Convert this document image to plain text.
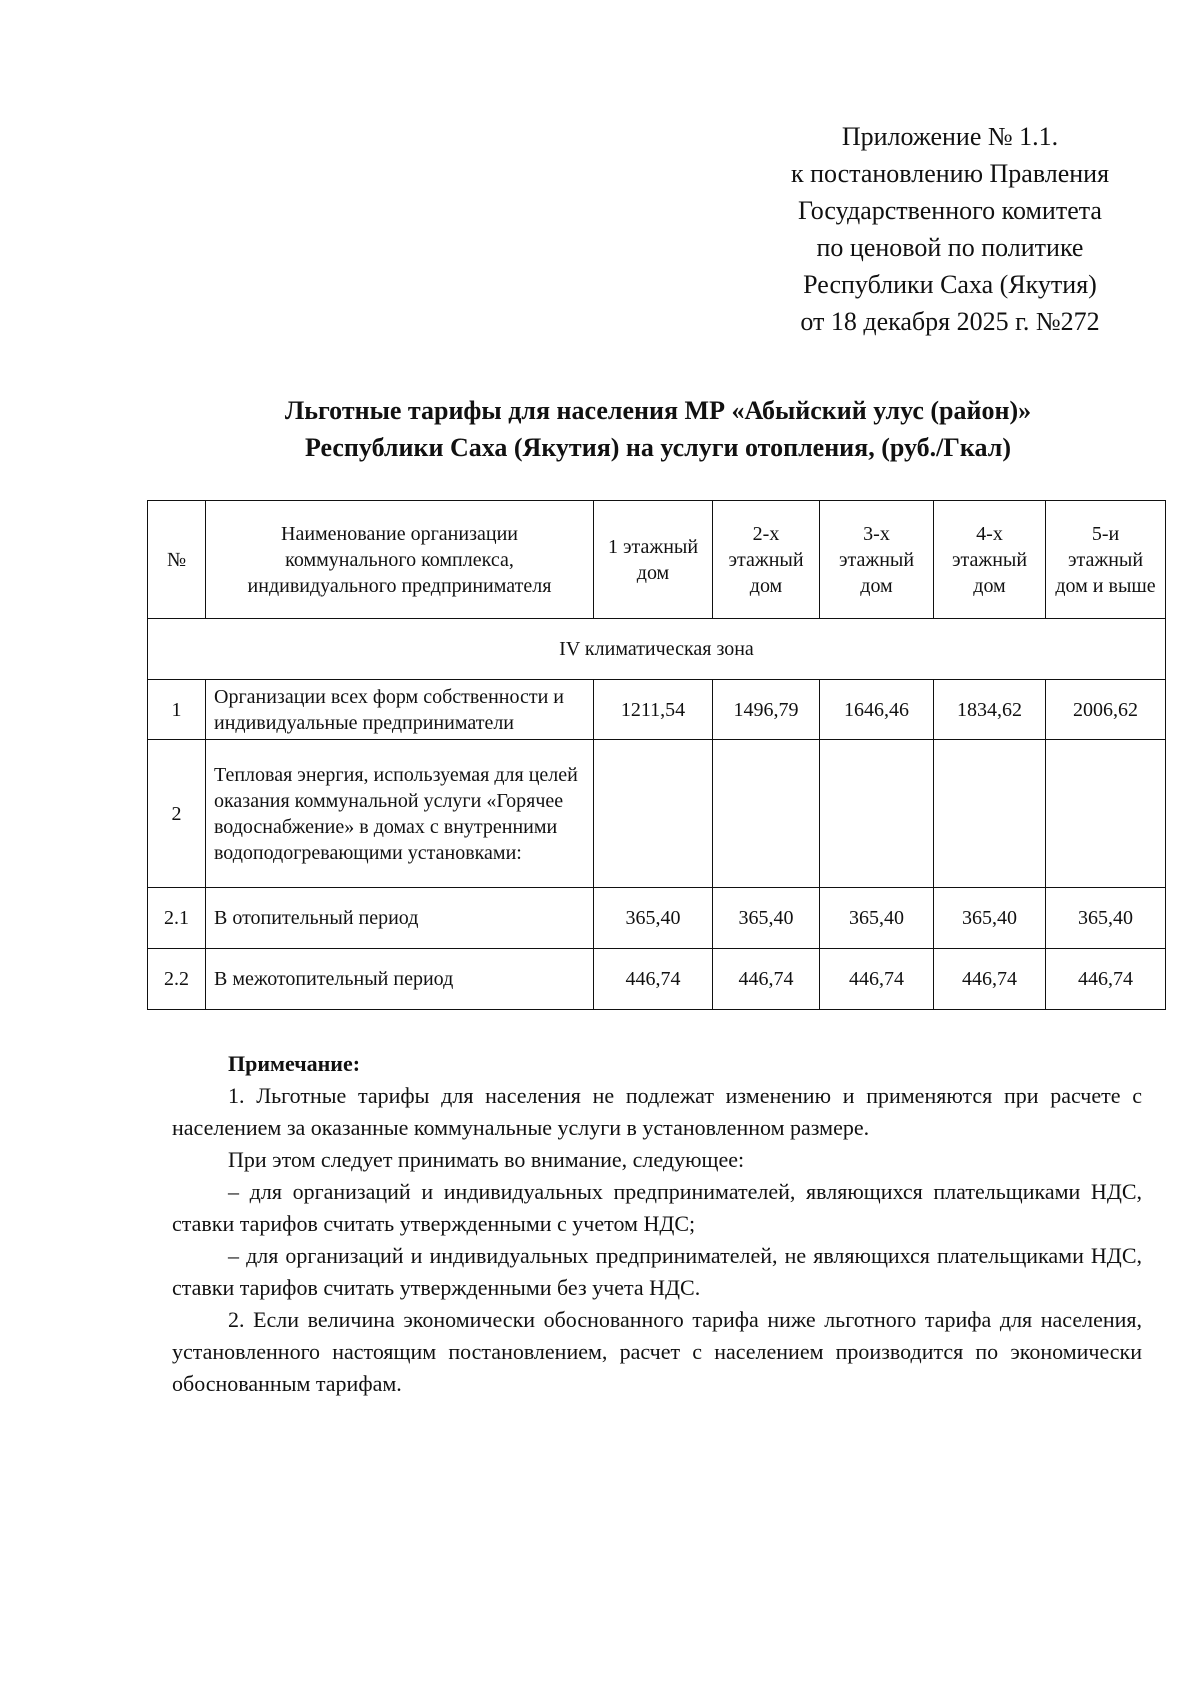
Приложение № 1.1.
к постановлению Правления
Государственного комитета
по ценовой по политике
Республики Саха (Якутия)
от 18 декабря 2025 г. №272
Льготные тарифы для населения МР «Абыйский улус (район)»
Республики Саха (Якутия) на услуги отопления, (руб./Гкал)
№	Наименование организации коммунального комплекса, индивидуального предпринимателя	1 этажный дом	2-х этажный дом	3-х этажный дом	4-х этажный дом	5-и этажный дом и выше
IV климатическая зона						
1	Организации всех форм собственности и индивидуальные предприниматели	1211,54	1496,79	1646,46	1834,62	2006,62
2	Тепловая энергия, используемая для целей оказания коммунальной услуги «Горячее водоснабжение» в домах с внутренними водоподогревающими установками:					
2.1	В отопительный период	365,40	365,40	365,40	365,40	365,40
2.2	В межотопительный период	446,74	446,74	446,74	446,74	446,74

Примечание:

1. Льготные тарифы для населения не подлежат изменению и применяются при расчете с населением за оказанные коммунальные услуги в установленном размере.

При этом следует принимать во внимание, следующее:

– для организаций и индивидуальных предпринимателей, являющихся плательщиками НДС, ставки тарифов считать утвержденными с учетом НДС;

– для организаций и индивидуальных предпринимателей, не являющихся плательщиками НДС, ставки тарифов считать утвержденными без учета НДС.

2. Если величина экономически обоснованного тарифа ниже льготного тарифа для населения, установленного настоящим постановлением, расчет с населением производится по экономически обоснованным тарифам.
